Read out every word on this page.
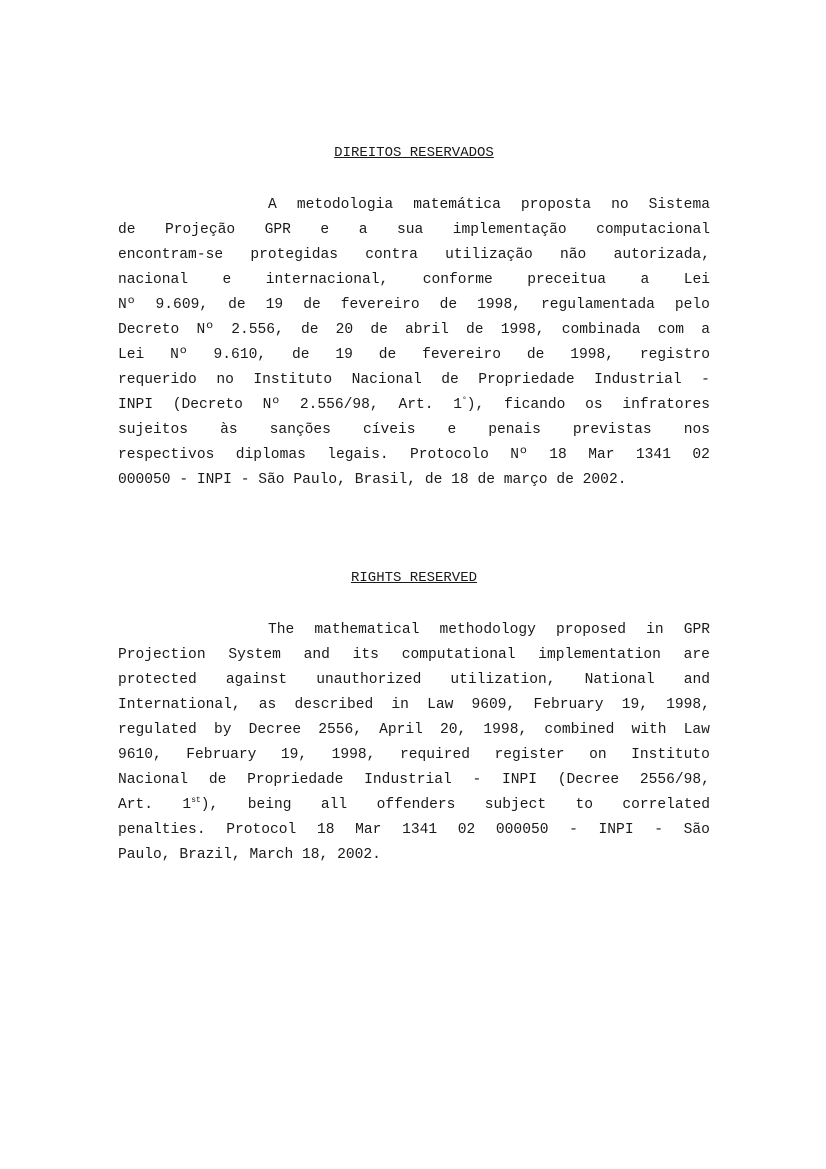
DIREITOS RESERVADOS
A metodologia matemática proposta no Sistema
de Projeção GPR e a sua implementação computacional
encontram-se protegidas contra utilização não autorizada,
nacional e internacional, conforme preceitua a Lei
Nº 9.609, de 19 de fevereiro de 1998, regulamentada pelo
Decreto Nº 2.556, de 20 de abril de 1998, combinada com a
Lei Nº 9.610, de 19 de fevereiro de 1998, registro
requerido no Instituto Nacional de Propriedade Industrial -
INPI (Decreto Nº 2.556/98, Art. 1°), ficando os infratores
sujeitos às sanções cíveis e penais previstas nos
respectivos diplomas legais. Protocolo Nº 18 Mar 1341 02
000050 - INPI - São Paulo, Brasil, de 18 de março de 2002.
RIGHTS RESERVED
The mathematical methodology proposed in GPR
Projection System and its computational implementation are
protected against unauthorized utilization, National and
International, as described in Law 9609, February 19, 1998,
regulated by Decree 2556, April 20, 1998, combined with Law
9610, February 19, 1998, required register on Instituto
Nacional de Propriedade Industrial - INPI (Decree 2556/98,
Art. 1st), being all offenders subject to correlated
penalties. Protocol 18 Mar 1341 02 000050 - INPI - São
Paulo, Brazil, March 18, 2002.
